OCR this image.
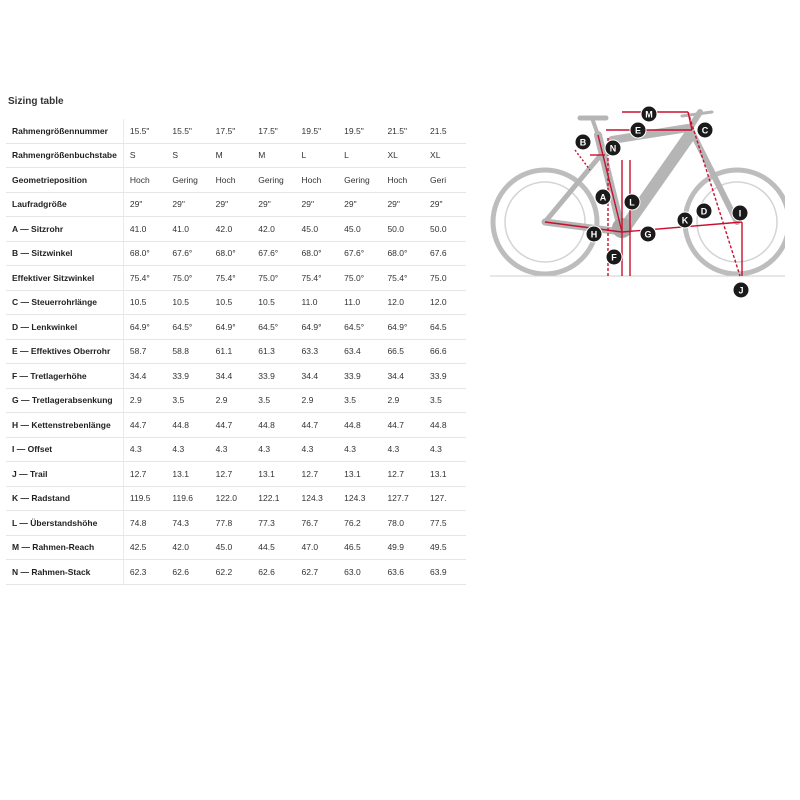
Sizing table
Rahmengrößennummer	15.5"	15.5"	17.5"	17.5"	19.5"	19.5"	21.5"	21.5
Rahmengrößenbuchstabe	S	S	M	M	L	L	XL	XL
Geometrieposition	Hoch	Gering	Hoch	Gering	Hoch	Gering	Hoch	Geri
Laufradgröße	29"	29"	29"	29"	29"	29"	29"	29"
A — Sitzrohr	41.0	41.0	42.0	42.0	45.0	45.0	50.0	50.0
B — Sitzwinkel	68.0°	67.6°	68.0°	67.6°	68.0°	67.6°	68.0°	67.6
Effektiver Sitzwinkel	75.4°	75.0°	75.4°	75.0°	75.4°	75.0°	75.4°	75.0
C — Steuerrohrlänge	10.5	10.5	10.5	10.5	11.0	11.0	12.0	12.0
D — Lenkwinkel	64.9°	64.5°	64.9°	64.5°	64.9°	64.5°	64.9°	64.5
E — Effektives Oberrohr	58.7	58.8	61.1	61.3	63.3	63.4	66.5	66.6
F — Tretlagerhöhe	34.4	33.9	34.4	33.9	34.4	33.9	34.4	33.9
G — Tretlagerabsenkung	2.9	3.5	2.9	3.5	2.9	3.5	2.9	3.5
H — Kettenstrebenlänge	44.7	44.8	44.7	44.8	44.7	44.8	44.7	44.8
I — Offset	4.3	4.3	4.3	4.3	4.3	4.3	4.3	4.3
J — Trail	12.7	13.1	12.7	13.1	12.7	13.1	12.7	13.1
K — Radstand	119.5	119.6	122.0	122.1	124.3	124.3	127.7	127.
L — Überstandshöhe	74.8	74.3	77.8	77.3	76.7	76.2	78.0	77.5
M — Rahmen-Reach	42.5	42.0	45.0	44.5	47.0	46.5	49.9	49.5
N — Rahmen-Stack	62.3	62.6	62.2	62.6	62.7	63.0	63.6	63.9
M
E	C
B
N
A	L
K
D	I
H	G
F
J
